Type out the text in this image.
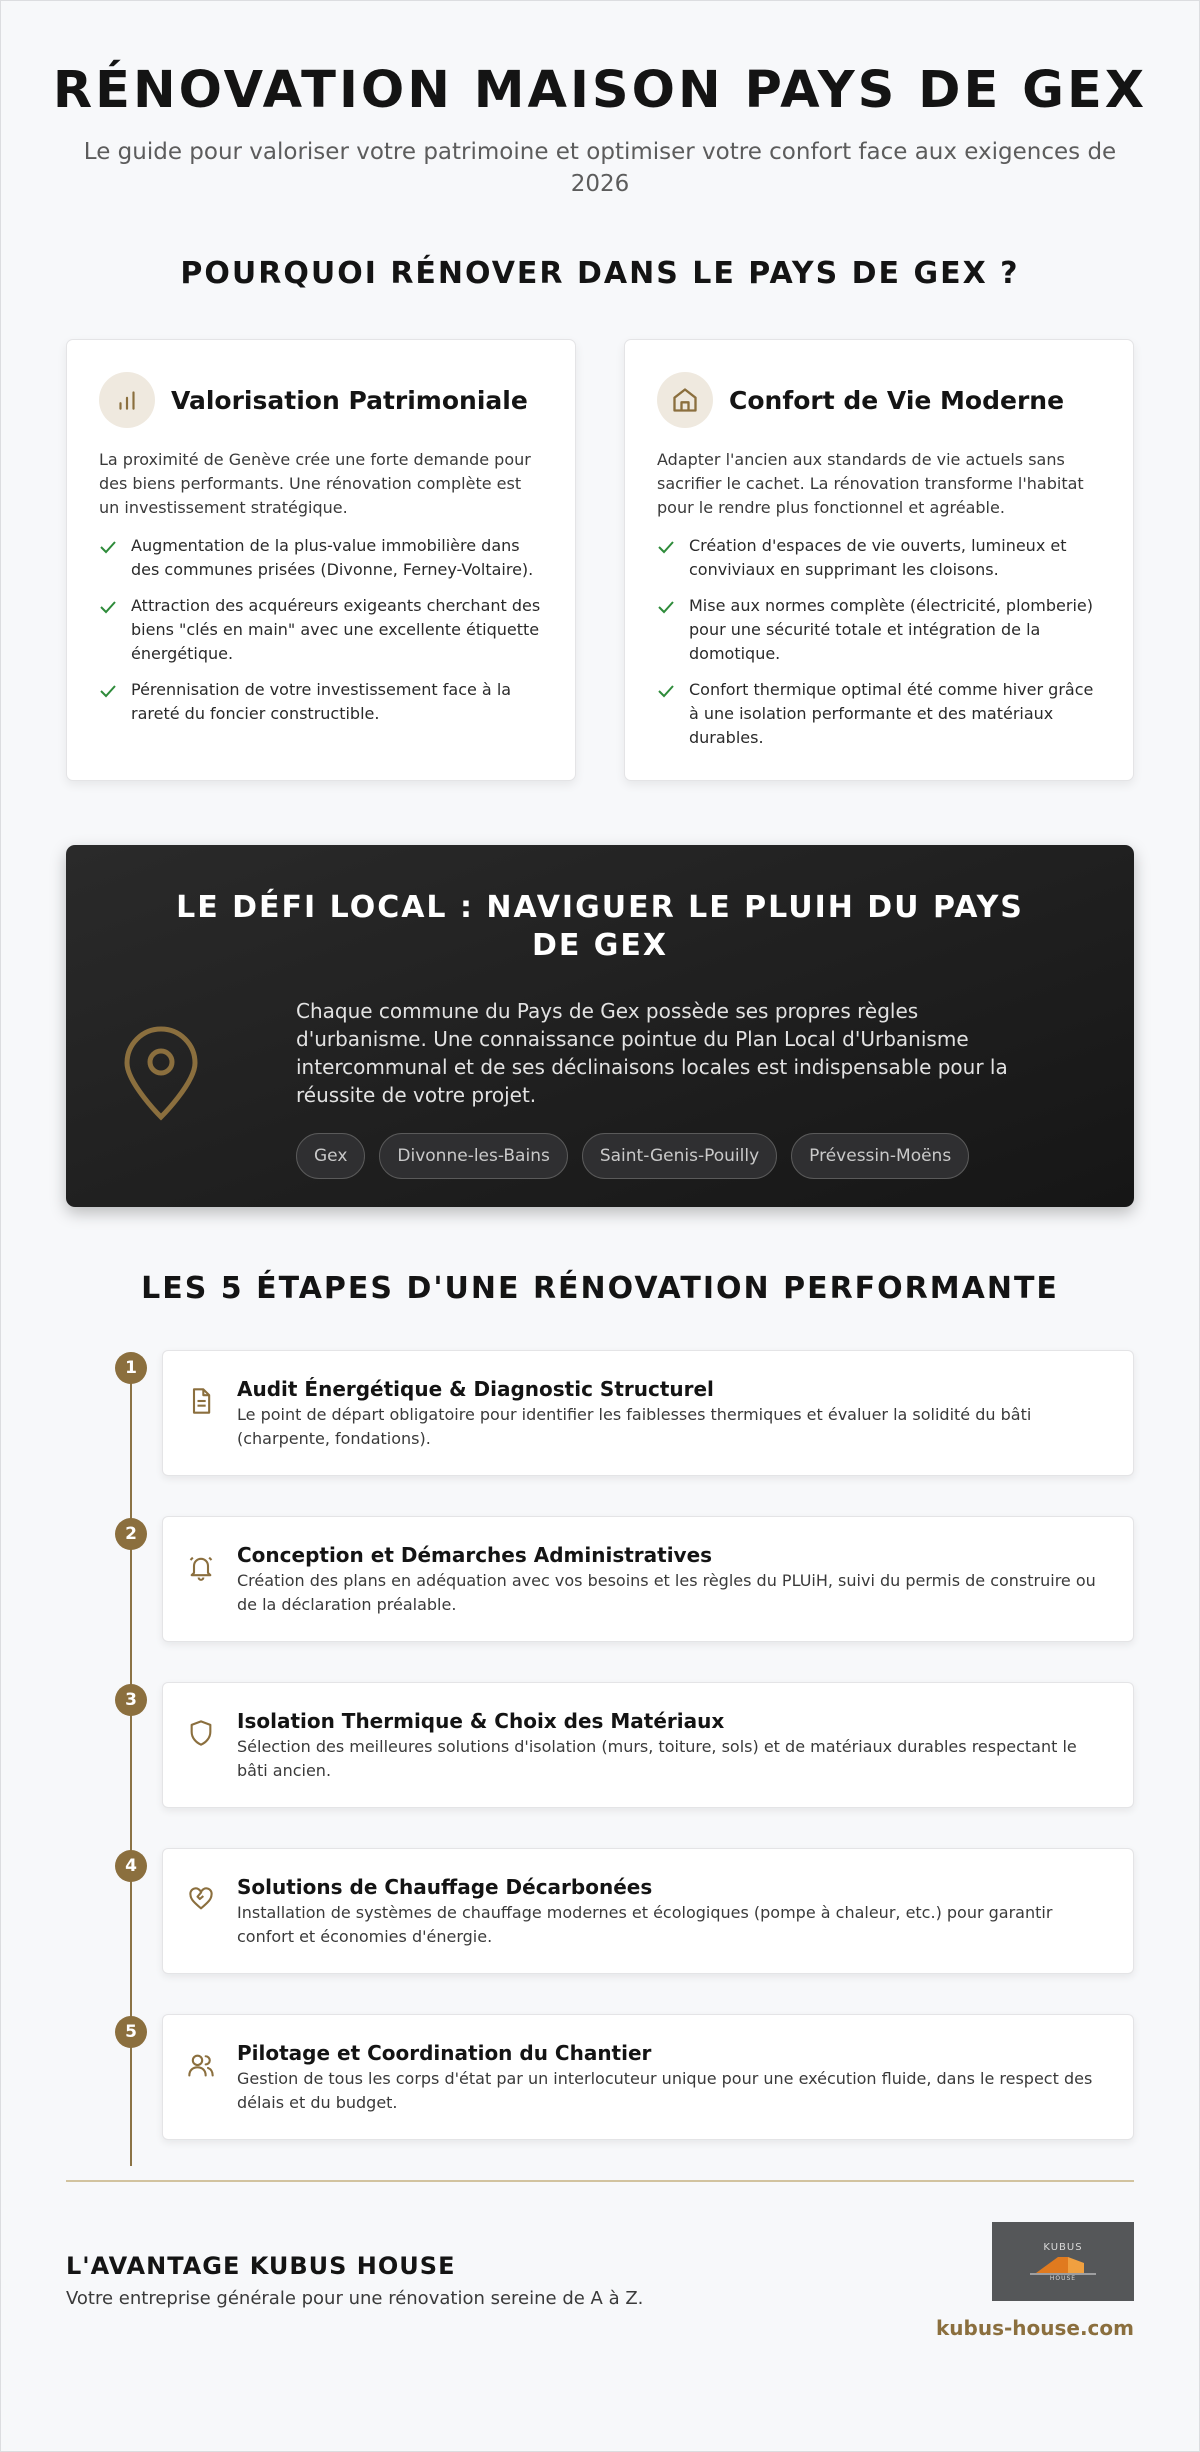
RÉNOVATION MAISON PAYS DE GEX

Le guide pour valoriser votre patrimoine et optimiser votre confort face aux exigences de 2026

POURQUOI RÉNOVER DANS LE PAYS DE GEX ?
Valorisation Patrimoniale

La proximité de Genève crée une forte demande pour des biens performants. Une rénovation complète est un investissement stratégique.

Augmentation de la plus-value immobilière dans des communes prisées (Divonne, Ferney-Voltaire).
Attraction des acquéreurs exigeants cherchant des biens "clés en main" avec une excellente étiquette énergétique.
Pérennisation de votre investissement face à la rareté du foncier constructible.
Confort de Vie Moderne

Adapter l'ancien aux standards de vie actuels sans sacrifier le cachet. La rénovation transforme l'habitat pour le rendre plus fonctionnel et agréable.

Création d'espaces de vie ouverts, lumineux et conviviaux en supprimant les cloisons.
Mise aux normes complète (électricité, plomberie) pour une sécurité totale et intégration de la domotique.
Confort thermique optimal été comme hiver grâce à une isolation performante et des matériaux durables.
LE DÉFI LOCAL : NAVIGUER LE PLUIH DU PAYS DE GEX

Chaque commune du Pays de Gex possède ses propres règles d'urbanisme. Une connaissance pointue du Plan Local d'Urbanisme intercommunal et de ses déclinaisons locales est indispensable pour la réussite de votre projet.

Gex	Divonne-les-Bains	Saint-Genis-Pouilly	Prévessin-Moëns
LES 5 ÉTAPES D'UNE RÉNOVATION PERFORMANTE
1
Audit Énergétique & Diagnostic Structurel

Le point de départ obligatoire pour identifier les faiblesses thermiques et évaluer la solidité du bâti (charpente, fondations).

2
Conception et Démarches Administratives

Création des plans en adéquation avec vos besoins et les règles du PLUiH, suivi du permis de construire ou de la déclaration préalable.

3
Isolation Thermique & Choix des Matériaux

Sélection des meilleures solutions d'isolation (murs, toiture, sols) et de matériaux durables respectant le bâti ancien.

4
Solutions de Chauffage Décarbonées

Installation de systèmes de chauffage modernes et écologiques (pompe à chaleur, etc.) pour garantir confort et économies d'énergie.

5
Pilotage et Coordination du Chantier

Gestion de tous les corps d'état par un interlocuteur unique pour une exécution fluide, dans le respect des délais et du budget.

L'AVANTAGE KUBUS HOUSE

Votre entreprise générale pour une rénovation sereine de A à Z.

KUBUS
HOUSE
kubus-house.com
